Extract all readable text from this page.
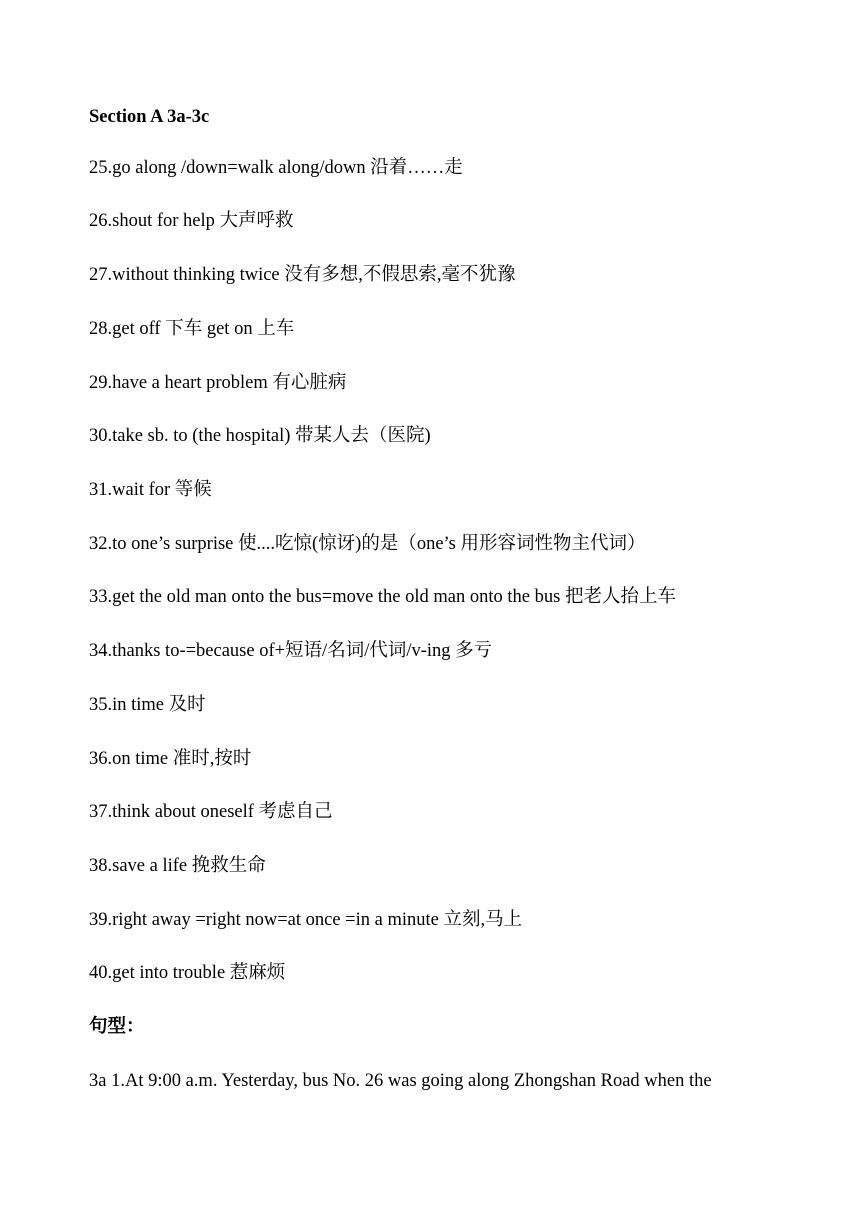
Section A 3a-3c
25.go along /down=walk along/down 沿着……走
26.shout for help 大声呼救
27.without thinking twice 没有多想,不假思索,毫不犹豫
28.get off 下车 get on 上车
29.have a heart problem 有心脏病
30.take sb. to (the hospital) 带某人去（医院)
31.wait for 等候
32.to one’s surprise 使....吃惊(惊讶)的是（one’s 用形容词性物主代词）
33.get the old man onto the bus=move the old man onto the bus 把老人抬上车
34.thanks to-=because of+短语/名词/代词/v-ing 多亏
35.in time 及时
36.on time 准时,按时
37.think about oneself 考虑自己
38.save a life 挽救生命
39.right away =right now=at once =in a minute 立刻,马上
40.get into trouble 惹麻烦
句型：
3a 1.At 9:00 a.m. Yesterday, bus No. 26 was going along Zhongshan Road when the
